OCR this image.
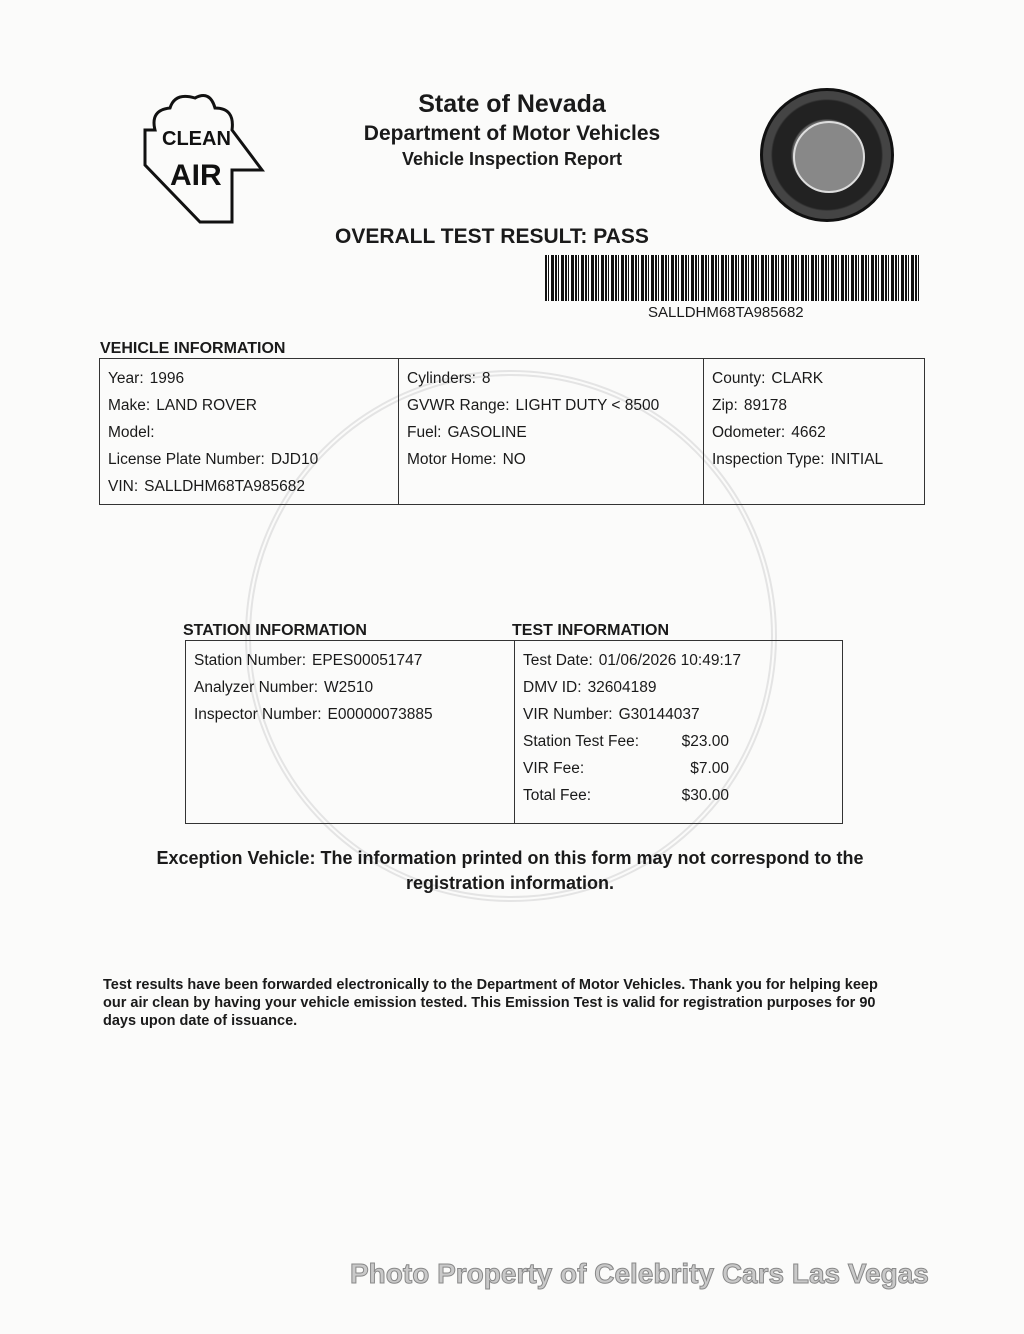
CLEAN
AIR
State of Nevada
Department of Motor Vehicles
Vehicle Inspection Report
OVERALL TEST RESULT: PASS
SALLDHM68TA985682
VEHICLE INFORMATION
Year: 1996
Make: LAND ROVER
Model:
License Plate Number: DJD10
VIN: SALLDHM68TA985682
Cylinders: 8
GVWR Range: LIGHT DUTY < 8500
Fuel: GASOLINE
Motor Home: NO
County: CLARK
Zip: 89178
Odometer: 4662
Inspection Type: INITIAL
STATION INFORMATION	TEST INFORMATION
Station Number: EPES00051747
Analyzer Number: W2510
Inspector Number: E00000073885
Test Date: 01/06/2026 10:49:17
DMV ID: 32604189
VIR Number: G30144037
Station Test Fee:	$23.00
VIR Fee:	$7.00
Total Fee:	$30.00
Exception Vehicle: The information printed on this form may not correspond to the registration information.
Test results have been forwarded electronically to the Department of Motor Vehicles. Thank you for helping keep our air clean by having your vehicle emission tested. This Emission Test is valid for registration purposes for 90 days upon date of issuance.
Photo Property of Celebrity Cars Las Vegas
